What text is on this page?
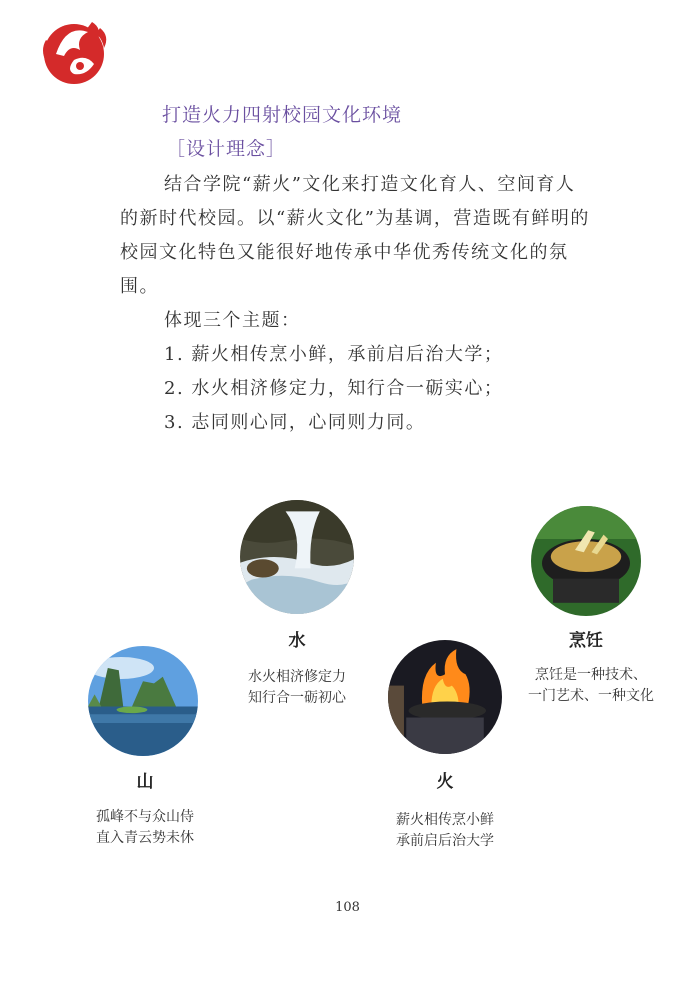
打造火力四射校园文化环境
［设计理念］

结合学院“薪火”文化来打造文化育人、空间育人的新时代校园。以“薪火文化”为基调，营造既有鲜明的校园文化特色又能很好地传承中华优秀传统文化的氛围。

体现三个主题：

1. 薪火相传烹小鲜，承前启后治大学；
2. 水火相济修定力，知行合一砺实心；
3. 志同则心同，心同则力同。
水
水火相济修定力
知行合一砺初心
烹饪
烹饪是一种技术、
一门艺术、一种文化
山
孤峰不与众山侍
直入青云势未休
火
薪火相传烹小鲜
承前启后治大学
108
